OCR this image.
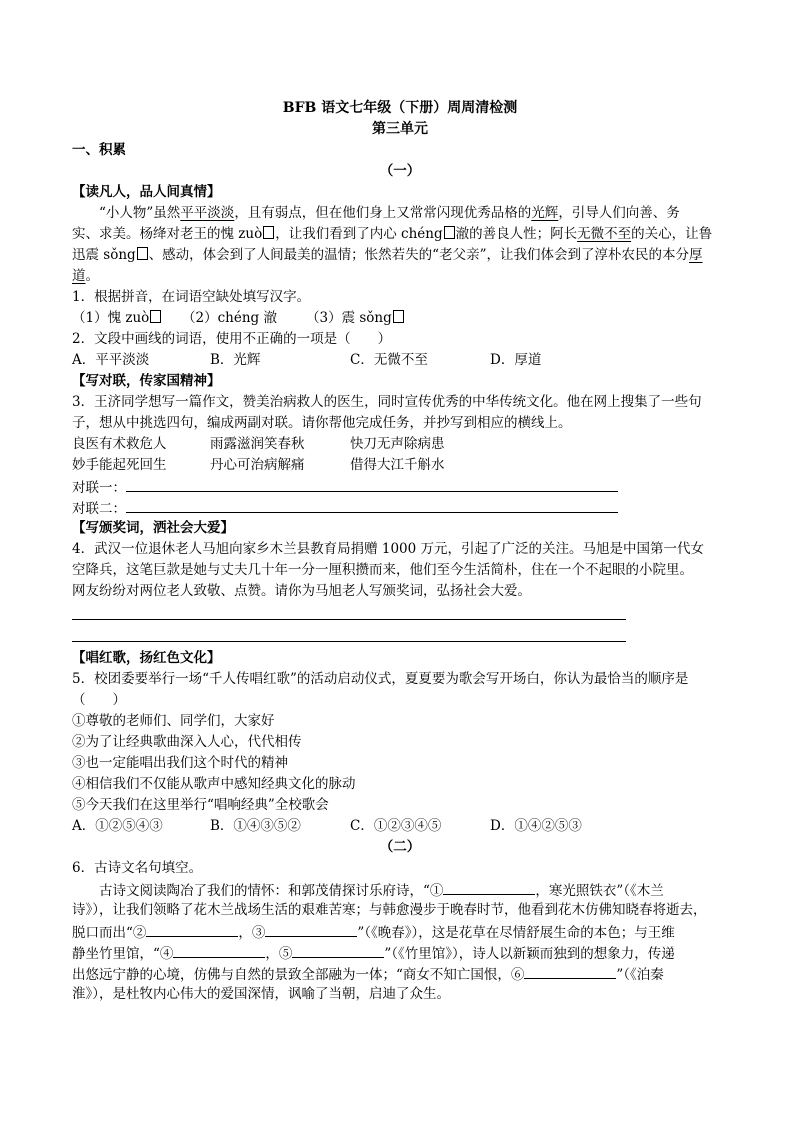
BFB 语文七年级（下册）周周清检测
第三单元
一、积累
（一）
【读凡人，品人间真情】
“小人物”虽然平平淡淡，且有弱点，但在他们身上又常常闪现优秀品格的光辉，引导人们向善、务
实、求美。杨绛对老王的愧 zuò ，让我们看到了内心 chéng 澈的善良人性；阿长无微不至的关心，让鲁
迅震 sǒng 、感动，体会到了人间最美的温情；怅然若失的“老父亲”，让我们体会到了淳朴农民的本分厚
道。
1．根据拼音，在词语空缺处填写汉字。
（1）愧 zuò （2）chéng 澈 （3）震 sǒng
2．文段中画线的词语，使用不正确的一项是（　　）
A．平平淡淡	B．光辉	C．无微不至	D．厚道
【写对联，传家国精神】
3．王济同学想写一篇作文，赞美治病救人的医生，同时宣传优秀的中华传统文化。他在网上搜集了一些句
子，想从中挑选四句，编成两副对联。请你帮他完成任务，并抄写到相应的横线上。
良医有术救危人	雨露滋润笑春秋	快刀无声除病患
妙手能起死回生	丹心可治病解痛	借得大江千斛水
对联一：
对联二：
【写颁奖词，洒社会大爱】
4．武汉一位退休老人马旭向家乡木兰县教育局捐赠 1000 万元，引起了广泛的关注。马旭是中国第一代女
空降兵，这笔巨款是她与丈夫几十年一分一厘积攒而来，他们至今生活简朴，住在一个不起眼的小院里。
网友纷纷对两位老人致敬、点赞。请你为马旭老人写颁奖词，弘扬社会大爱。
【唱红歌，扬红色文化】
5．校团委要举行一场“千人传唱红歌”的活动启动仪式，夏夏要为歌会写开场白，你认为最恰当的顺序是
（　　）
①尊敬的老师们、同学们，大家好
②为了让经典歌曲深入人心，代代相传
③也一定能唱出我们这个时代的精神
④相信我们不仅能从歌声中感知经典文化的脉动
⑤今天我们在这里举行“唱响经典”全校歌会
A．①②⑤④③	B．①④③⑤②	C．①②③④⑤	D．①④②⑤③
（二）
6．古诗文名句填空。
古诗文阅读陶冶了我们的情怀：和郭茂倩探讨乐府诗，“①	，寒光照铁衣”（《木兰
诗》），让我们领略了花木兰战场生活的艰难苦寒；与韩愈漫步于晚春时节，他看到花木仿佛知晓春将逝去，
脱口而出“②	，③	”（《晚春》），这是花草在尽情舒展生命的本色；与王维
静坐竹里馆，“④	，⑤	”（《竹里馆》），诗人以新颖而独到的想象力，传递
出悠远宁静的心境，仿佛与自然的景致全部融为一体；“商女不知亡国恨，⑥	”（《泊秦
淮》），是杜牧内心伟大的爱国深情，讽喻了当朝，启迪了众生。
